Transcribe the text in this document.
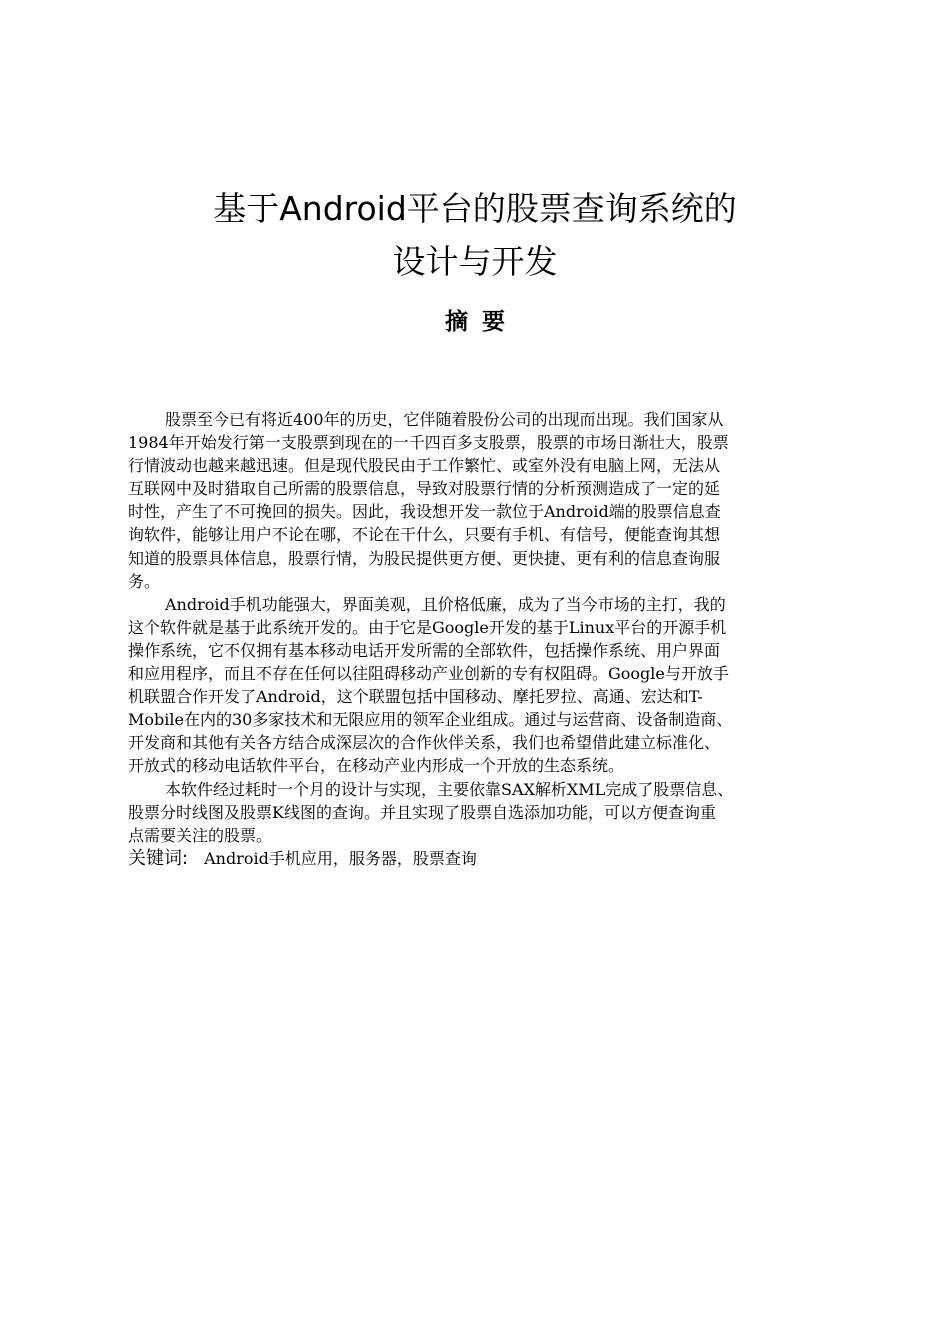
基于Android平台的股票查询系统的
设计与开发
摘要
股票至今已有将近400年的历史，它伴随着股份公司的出现而出现。我们国家从
1984年开始发行第一支股票到现在的一千四百多支股票，股票的市场日渐壮大，股票
行情波动也越来越迅速。但是现代股民由于工作繁忙、或室外没有电脑上网，无法从
互联网中及时猎取自己所需的股票信息，导致对股票行情的分析预测造成了一定的延
时性，产生了不可挽回的损失。因此，我设想开发一款位于Android端的股票信息查
询软件，能够让用户不论在哪，不论在干什么，只要有手机、有信号，便能查询其想
知道的股票具体信息，股票行情，为股民提供更方便、更快捷、更有利的信息查询服
务。
Android手机功能强大，界面美观，且价格低廉，成为了当今市场的主打，我的
这个软件就是基于此系统开发的。由于它是Google开发的基于Linux平台的开源手机
操作系统，它不仅拥有基本移动电话开发所需的全部软件，包括操作系统、用户界面
和应用程序，而且不存在任何以往阻碍移动产业创新的专有权阻碍。Google与开放手
机联盟合作开发了Android，这个联盟包括中国移动、摩托罗拉、高通、宏达和T-
Mobile在内的30多家技术和无限应用的领军企业组成。通过与运营商、设备制造商、
开发商和其他有关各方结合成深层次的合作伙伴关系，我们也希望借此建立标准化、
开放式的移动电话软件平台，在移动产业内形成一个开放的生态系统。
本软件经过耗时一个月的设计与实现，主要依靠SAX解析XML完成了股票信息、
股票分时线图及股票K线图的查询。并且实现了股票自选添加功能，可以方便查询重
点需要关注的股票。
关键词: Android手机应用，服务器，股票查询
